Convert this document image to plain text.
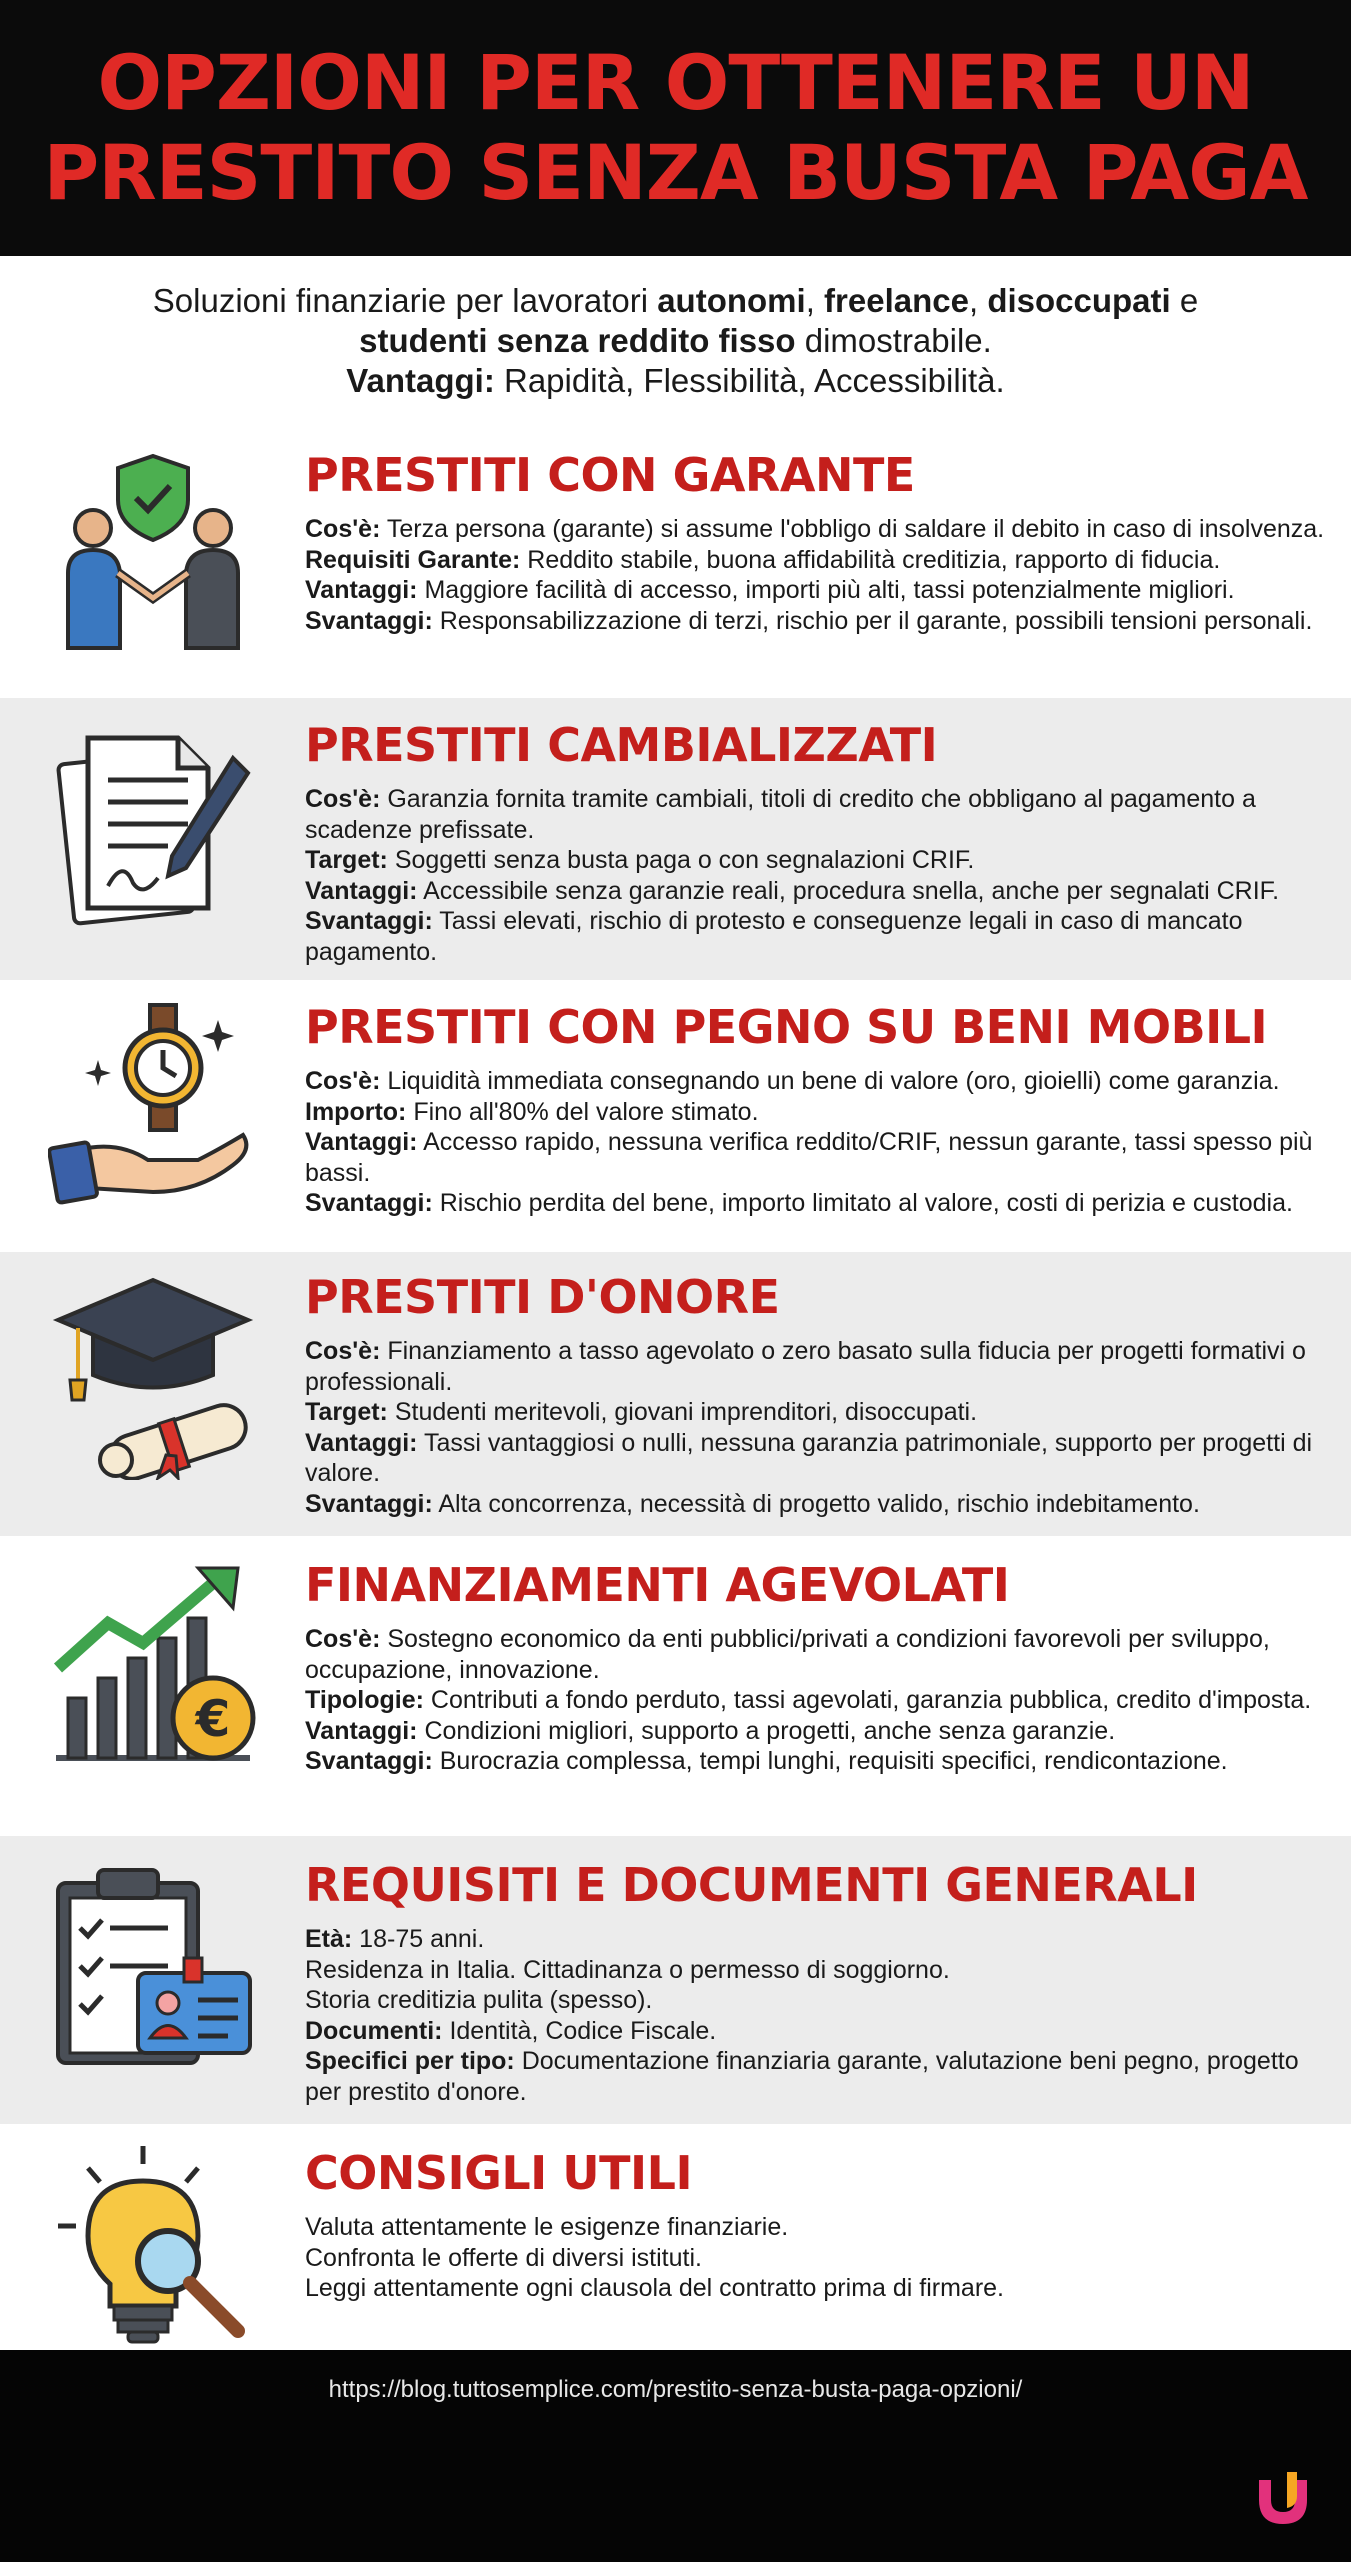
OPZIONI PER OTTENERE UN
PRESTITO SENZA BUSTA PAGA

Soluzioni finanziarie per lavoratori autonomi, freelance, disoccupati e

studenti senza reddito fisso dimostrabile.

Vantaggi: Rapidità, Flessibilità, Accessibilità.

PRESTITI CON GARANTE

Cos'è: Terza persona (garante) si assume l'obbligo di saldare il debito in caso di insolvenza.

Requisiti Garante: Reddito stabile, buona affidabilità creditizia, rapporto di fiducia.

Vantaggi: Maggiore facilità di accesso, importi più alti, tassi potenzialmente migliori.

Svantaggi: Responsabilizzazione di terzi, rischio per il garante, possibili tensioni personali.

PRESTITI CAMBIALIZZATI

Cos'è: Garanzia fornita tramite cambiali, titoli di credito che obbligano al pagamento a scadenze prefissate.

Target: Soggetti senza busta paga o con segnalazioni CRIF.

Vantaggi: Accessibile senza garanzie reali, procedura snella, anche per segnalati CRIF.

Svantaggi: Tassi elevati, rischio di protesto e conseguenze legali in caso di mancato pagamento.

PRESTITI CON PEGNO SU BENI MOBILI

Cos'è: Liquidità immediata consegnando un bene di valore (oro, gioielli) come garanzia.

Importo: Fino all'80% del valore stimato.

Vantaggi: Accesso rapido, nessuna verifica reddito/CRIF, nessun garante, tassi spesso più bassi.

Svantaggi: Rischio perdita del bene, importo limitato al valore, costi di perizia e custodia.

PRESTITI D'ONORE

Cos'è: Finanziamento a tasso agevolato o zero basato sulla fiducia per progetti formativi o professionali.

Target: Studenti meritevoli, giovani imprenditori, disoccupati.

Vantaggi: Tassi vantaggiosi o nulli, nessuna garanzia patrimoniale, supporto per progetti di valore.

Svantaggi: Alta concorrenza, necessità di progetto valido, rischio indebitamento.

€
FINANZIAMENTI AGEVOLATI

Cos'è: Sostegno economico da enti pubblici/privati a condizioni favorevoli per sviluppo, occupazione, innovazione.

Tipologie: Contributi a fondo perduto, tassi agevolati, garanzia pubblica, credito d'imposta.

Vantaggi: Condizioni migliori, supporto a progetti, anche senza garanzie.

Svantaggi: Burocrazia complessa, tempi lunghi, requisiti specifici, rendicontazione.

REQUISITI E DOCUMENTI GENERALI

Età: 18-75 anni.

Residenza in Italia. Cittadinanza o permesso di soggiorno.

Storia creditizia pulita (spesso).

Documenti: Identità, Codice Fiscale.

Specifici per tipo: Documentazione finanziaria garante, valutazione beni pegno, progetto per prestito d'onore.

CONSIGLI UTILI

Valuta attentamente le esigenze finanziarie.

Confronta le offerte di diversi istituti.

Leggi attentamente ogni clausola del contratto prima di firmare.

https://blog.tuttosemplice.com/prestito-senza-busta-paga-opzioni/
